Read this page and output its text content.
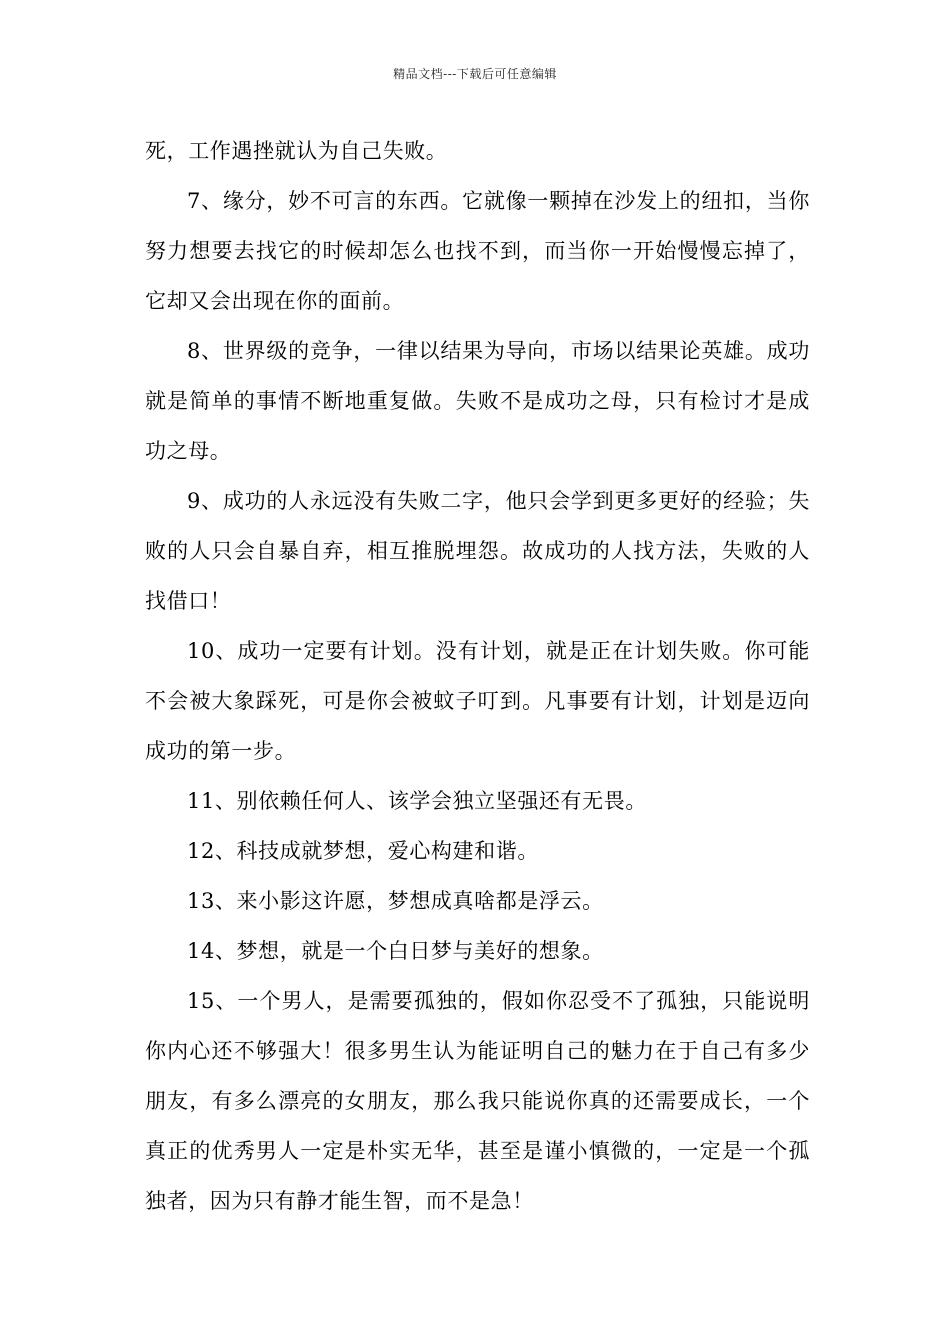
精品文档---下载后可任意编辑

死，工作遇挫就认为自己失败。

7、缘分，妙不可言的东西。它就像一颗掉在沙发上的纽扣，当你努力想要去找它的时候却怎么也找不到，而当你一开始慢慢忘掉了，它却又会出现在你的面前。

8、世界级的竞争，一律以结果为导向，市场以结果论英雄。成功就是简单的事情不断地重复做。失败不是成功之母，只有检讨才是成功之母。

9、成功的人永远没有失败二字，他只会学到更多更好的经验；失败的人只会自暴自弃，相互推脱埋怨。故成功的人找方法，失败的人找借口！

10、成功一定要有计划。没有计划，就是正在计划失败。你可能不会被大象踩死，可是你会被蚊子叮到。凡事要有计划，计划是迈向成功的第一步。

11、别依赖任何人、该学会独立坚强还有无畏。

12、科技成就梦想，爱心构建和谐。

13、来小影这许愿，梦想成真啥都是浮云。

14、梦想，就是一个白日梦与美好的想象。

15、一个男人，是需要孤独的，假如你忍受不了孤独，只能说明你内心还不够强大！很多男生认为能证明自己的魅力在于自己有多少朋友，有多么漂亮的女朋友，那么我只能说你真的还需要成长，一个真正的优秀男人一定是朴实无华，甚至是谨小慎微的，一定是一个孤独者，因为只有静才能生智，而不是急！
